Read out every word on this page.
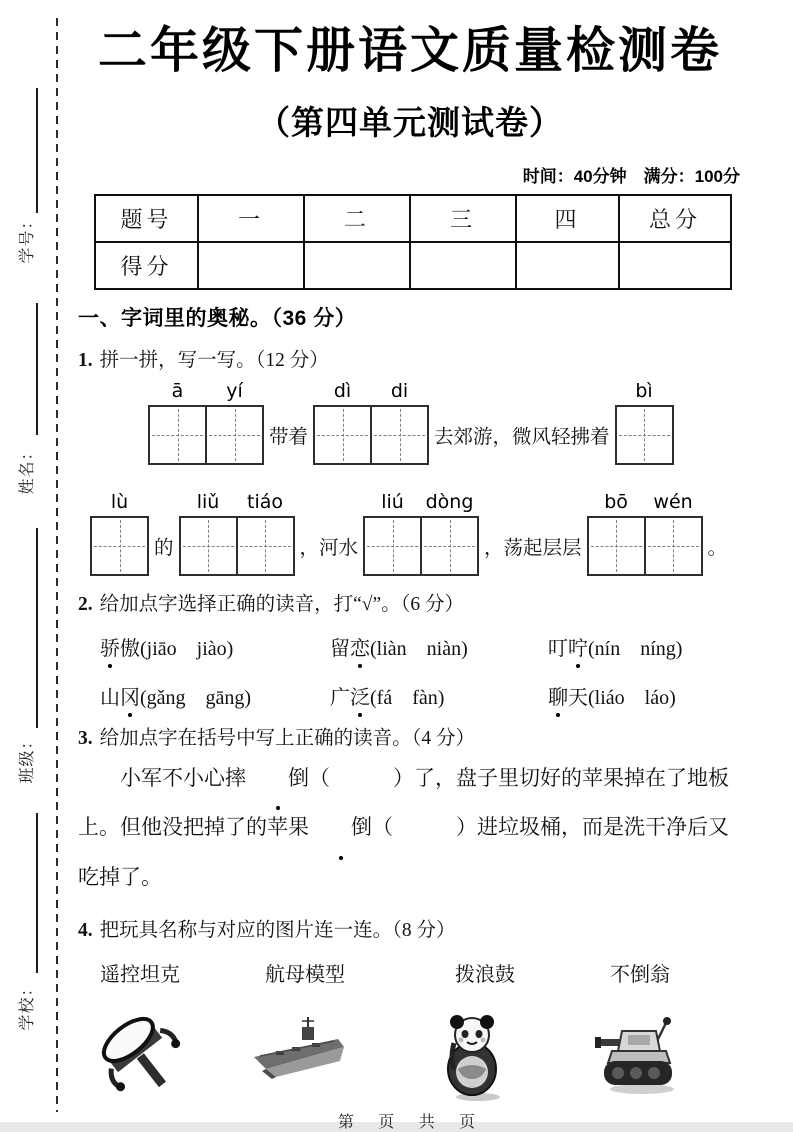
学号：
姓名：
班级：
学校：
二年级下册语文质量检测卷
（第四单元测试卷）
时间：40分钟　满分：100分
题号	一	二	三	四	总分
得分					
一、字词里的奥秘。（36 分）
1. 拼一拼，写一写。（12 分）
ā	yí
带着
dì	di
去郊游，微风轻拂着
bì
lù
的
liǔ	tiáo
，河水
liú	dòng
，荡起层层
bō	wén
。
2. 给加点字选择正确的读音，打“√”。（6 分）
骄傲(jiāo　jiào)	留恋(liàn　niàn)	叮咛(nín　níng)
山冈(gǎng　gāng)	广泛(fá　fàn)	聊天(liáo　láo)
3. 给加点字在括号中写上正确的读音。（4 分）
小军不小心摔 倒（　　　）了，盘子里切好的苹果掉在了地板上。但他没把掉了的苹果 倒（　　　）进垃圾桶，而是洗干净后又吃掉了。
4. 把玩具名称与对应的图片连一连。（8 分）
遥控坦克	航母模型	拨浪鼓	不倒翁
第 页 共 页
